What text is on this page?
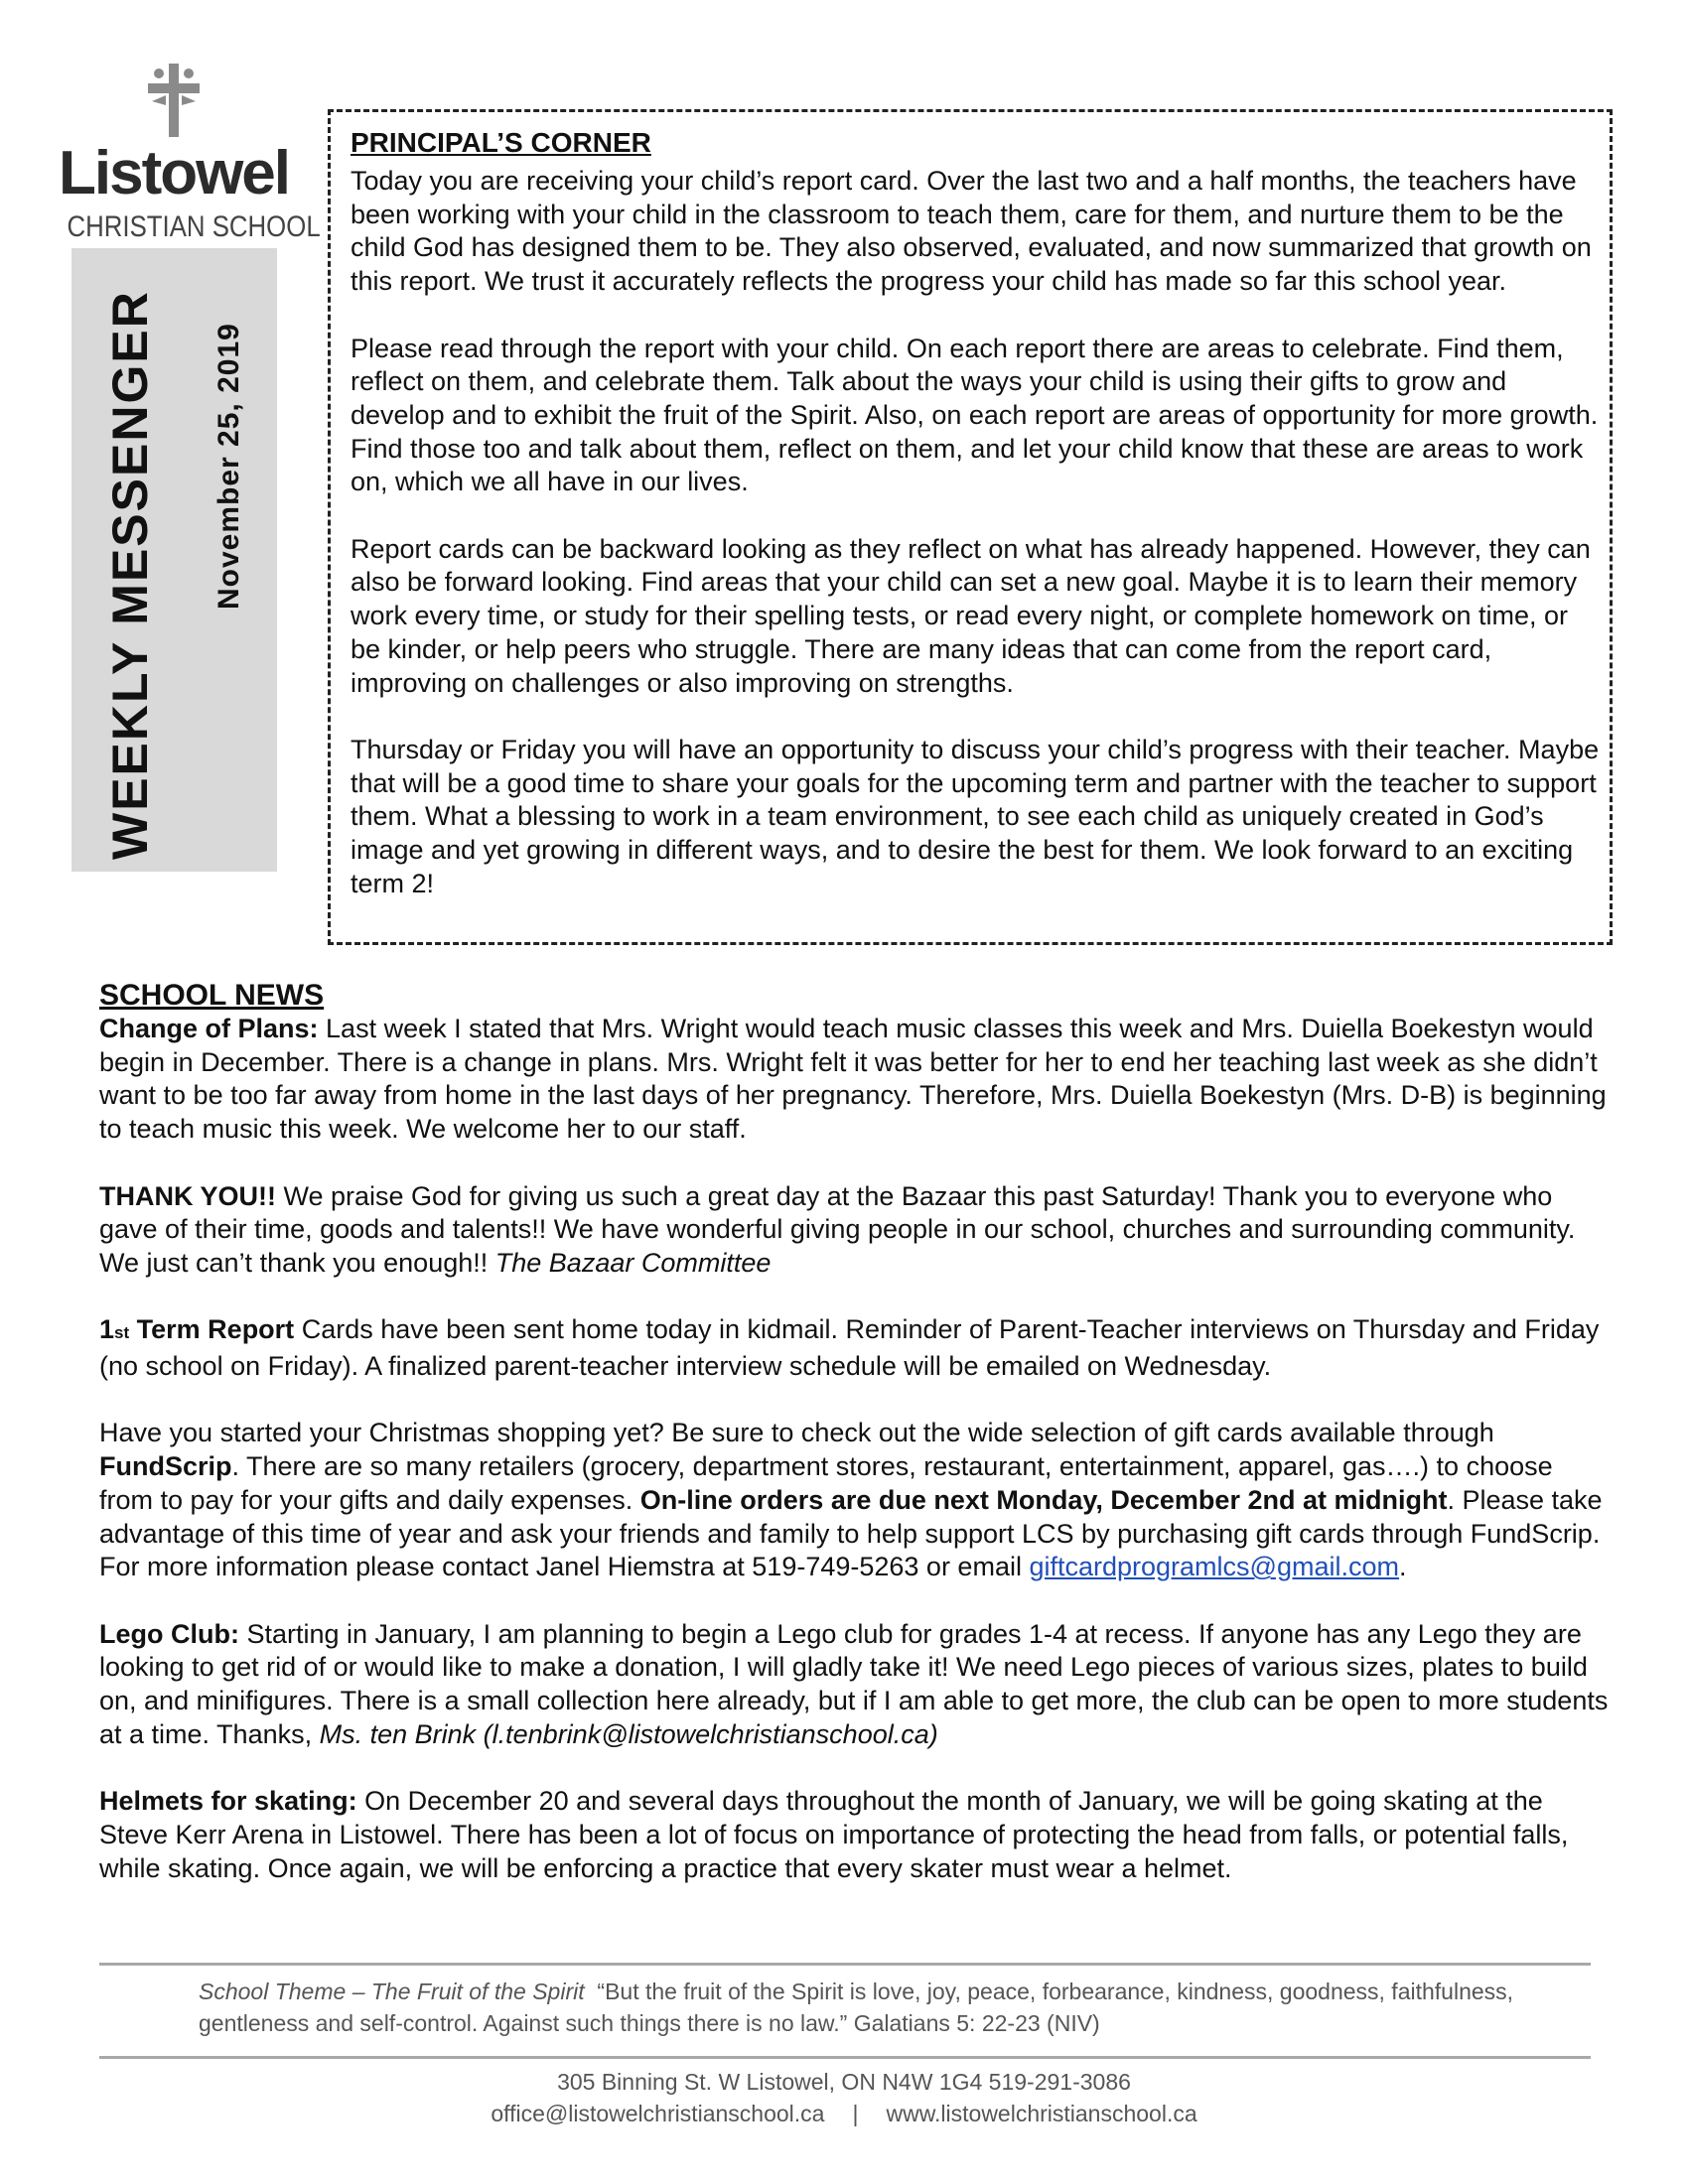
Listowel
CHRISTIAN SCHOOL
WEEKLY MESSENGER November 25, 2019
PRINCIPAL’S CORNER

Today you are receiving your child’s report card. Over the last two and a half months, the teachers have been working with your child in the classroom to teach them, care for them, and nurture them to be the child God has designed them to be. They also observed, evaluated, and now summarized that growth on this report. We trust it accurately reflects the progress your child has made so far this school year.

Please read through the report with your child. On each report there are areas to celebrate. Find them, reflect on them, and celebrate them. Talk about the ways your child is using their gifts to grow and develop and to exhibit the fruit of the Spirit. Also, on each report are areas of opportunity for more growth. Find those too and talk about them, reflect on them, and let your child know that these are areas to work on, which we all have in our lives.

Report cards can be backward looking as they reflect on what has already happened. However, they can also be forward looking. Find areas that your child can set a new goal. Maybe it is to learn their memory work every time, or study for their spelling tests, or read every night, or complete homework on time, or be kinder, or help peers who struggle. There are many ideas that can come from the report card, improving on challenges or also improving on strengths.

Thursday or Friday you will have an opportunity to discuss your child’s progress with their teacher. Maybe that will be a good time to share your goals for the upcoming term and partner with the teacher to support them. What a blessing to work in a team environment, to see each child as uniquely created in God’s image and yet growing in different ways, and to desire the best for them. We look forward to an exciting term 2!

SCHOOL NEWS

Change of Plans: Last week I stated that Mrs. Wright would teach music classes this week and Mrs. Duiella Boekestyn would begin in December. There is a change in plans. Mrs. Wright felt it was better for her to end her teaching last week as she didn’t want to be too far away from home in the last days of her pregnancy. Therefore, Mrs. Duiella Boekestyn (Mrs. D-B) is beginning to teach music this week. We welcome her to our staff.

THANK YOU!! We praise God for giving us such a great day at the Bazaar this past Saturday! Thank you to everyone who gave of their time, goods and talents!! We have wonderful giving people in our school, churches and surrounding community. We just can’t thank you enough!! The Bazaar Committee

1st Term Report Cards have been sent home today in kidmail. Reminder of Parent-Teacher interviews on Thursday and Friday (no school on Friday). A finalized parent-teacher interview schedule will be emailed on Wednesday.

Have you started your Christmas shopping yet? Be sure to check out the wide selection of gift cards available through FundScrip. There are so many retailers (grocery, department stores, restaurant, entertainment, apparel, gas….) to choose from to pay for your gifts and daily expenses. On-line orders are due next Monday, December 2nd at midnight. Please take advantage of this time of year and ask your friends and family to help support LCS by purchasing gift cards through FundScrip. For more information please contact Janel Hiemstra at 519-749-5263 or email giftcardprogramlcs@gmail.com.

Lego Club: Starting in January, I am planning to begin a Lego club for grades 1-4 at recess. If anyone has any Lego they are looking to get rid of or would like to make a donation, I will gladly take it! We need Lego pieces of various sizes, plates to build on, and minifigures. There is a small collection here already, but if I am able to get more, the club can be open to more students at a time. Thanks, Ms. ten Brink (l.tenbrink@listowelchristianschool.ca)

Helmets for skating: On December 20 and several days throughout the month of January, we will be going skating at the Steve Kerr Arena in Listowel. There has been a lot of focus on importance of protecting the head from falls, or potential falls, while skating. Once again, we will be enforcing a practice that every skater must wear a helmet.

School Theme – The Fruit of the Spirit “But the fruit of the Spirit is love, joy, peace, forbearance, kindness, goodness, faithfulness, gentleness and self-control. Against such things there is no law.” Galatians 5: 22-23 (NIV)
305 Binning St. W Listowel, ON N4W 1G4 519-291-3086
office@listowelchristianschool.ca | www.listowelchristianschool.ca
